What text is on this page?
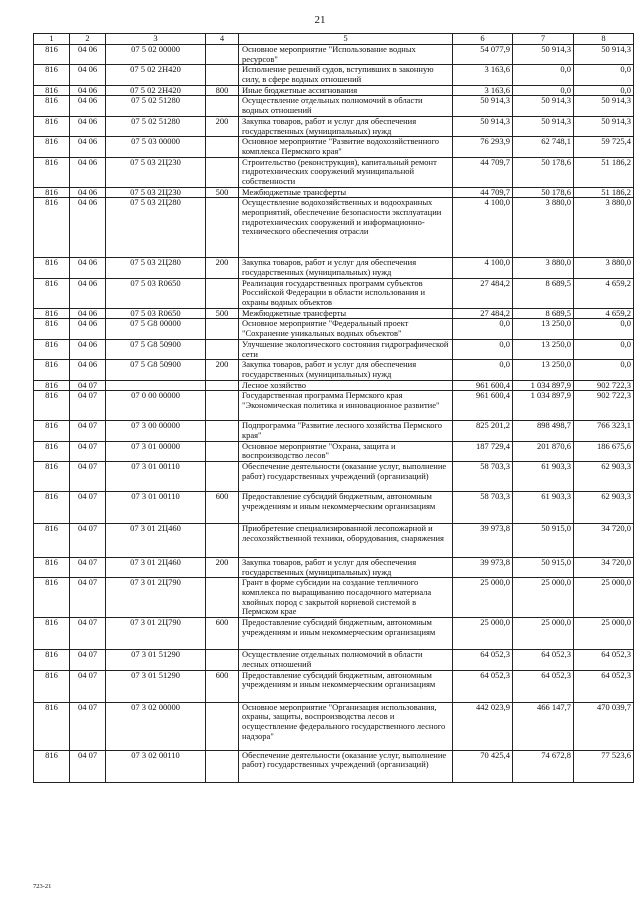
21
1	2	3	4	5	6	7	8
816	04 06	07 5 02 00000		Основное мероприятие "Использование водных ресурсов"	54 077,9	50 914,3	50 914,3
816	04 06	07 5 02 2Н420		Исполнение решений судов, вступивших в законную силу, в сфере водных отношений	3 163,6	0,0	0,0
816	04 06	07 5 02 2Н420	800	Иные бюджетные ассигнования	3 163,6	0,0	0,0
816	04 06	07 5 02 51280		Осуществление отдельных полномочий в области водных отношений	50 914,3	50 914,3	50 914,3
816	04 06	07 5 02 51280	200	Закупка товаров, работ и услуг для обеспечения государственных (муниципальных) нужд	50 914,3	50 914,3	50 914,3
816	04 06	07 5 03 00000		Основное мероприятие "Развитие водохозяйственного комплекса Пермского края"	76 293,9	62 748,1	59 725,4
816	04 06	07 5 03 2Ц230		Строительство (реконструкция), капитальный ремонт гидротехнических сооружений муниципальной собственности	44 709,7	50 178,6	51 186,2
816	04 06	07 5 03 2Ц230	500	Межбюджетные трансферты	44 709,7	50 178,6	51 186,2
816	04 06	07 5 03 2Ц280		Осуществление водохозяйственных и водоохранных мероприятий, обеспечение безопасности эксплуатации гидротехнических сооружений и информационно-технического обеспечения отрасли	4 100,0	3 880,0	3 880,0
816	04 06	07 5 03 2Ц280	200	Закупка товаров, работ и услуг для обеспечения государственных (муниципальных) нужд	4 100,0	3 880,0	3 880,0
816	04 06	07 5 03 R0650		Реализация государственных программ субъектов Российской Федерации в области использования и охраны водных объектов	27 484,2	8 689,5	4 659,2
816	04 06	07 5 03 R0650	500	Межбюджетные трансферты	27 484,2	8 689,5	4 659,2
816	04 06	07 5 G8 00000		Основное мероприятие "Федеральный проект "Сохранение уникальных водных объектов"	0,0	13 250,0	0,0
816	04 06	07 5 G8 50900		Улучшение экологического состояния гидрографической сети	0,0	13 250,0	0,0
816	04 06	07 5 G8 50900	200	Закупка товаров, работ и услуг для обеспечения государственных (муниципальных) нужд	0,0	13 250,0	0,0
816	04 07			Лесное хозяйство	961 600,4	1 034 897,9	902 722,3
816	04 07	07 0 00 00000		Государственная программа Пермского края "Экономическая политика и инновационное развитие"	961 600,4	1 034 897,9	902 722,3
816	04 07	07 3 00 00000		Подпрограмма "Развитие лесного хозяйства Пермского края"	825 201,2	898 498,7	766 323,1
816	04 07	07 3 01 00000		Основное мероприятие "Охрана, защита и воспроизводство лесов"	187 729,4	201 870,6	186 675,6
816	04 07	07 3 01 00110		Обеспечение деятельности (оказание услуг, выполнение работ) государственных учреждений (организаций)	58 703,3	61 903,3	62 903,3
816	04 07	07 3 01 00110	600	Предоставление субсидий бюджетным, автономным учреждениям и иным некоммерческим организациям	58 703,3	61 903,3	62 903,3
816	04 07	07 3 01 2Ц460		Приобретение специализированной лесопожарной и лесохозяйственной техники, оборудования, снаряжения	39 973,8	50 915,0	34 720,0
816	04 07	07 3 01 2Ц460	200	Закупка товаров, работ и услуг для обеспечения государственных (муниципальных) нужд	39 973,8	50 915,0	34 720,0
816	04 07	07 3 01 2Ц790		Грант в форме субсидии на создание тепличного комплекса по выращиванию посадочного материала хвойных пород с закрытой корневой системой в Пермском крае	25 000,0	25 000,0	25 000,0
816	04 07	07 3 01 2Ц790	600	Предоставление субсидий бюджетным, автономным учреждениям и иным некоммерческим организациям	25 000,0	25 000,0	25 000,0
816	04 07	07 3 01 51290		Осуществление отдельных полномочий в области лесных отношений	64 052,3	64 052,3	64 052,3
816	04 07	07 3 01 51290	600	Предоставление субсидий бюджетным, автономным учреждениям и иным некоммерческим организациям	64 052,3	64 052,3	64 052,3
816	04 07	07 3 02 00000		Основное мероприятие "Организация использования, охраны, защиты, воспроизводства лесов и осуществление федерального государственного лесного надзора"	442 023,9	466 147,7	470 039,7
816	04 07	07 3 02 00110		Обеспечение деятельности (оказание услуг, выполнение работ) государственных учреждений (организаций)	70 425,4	74 672,8	77 523,6
723-21
